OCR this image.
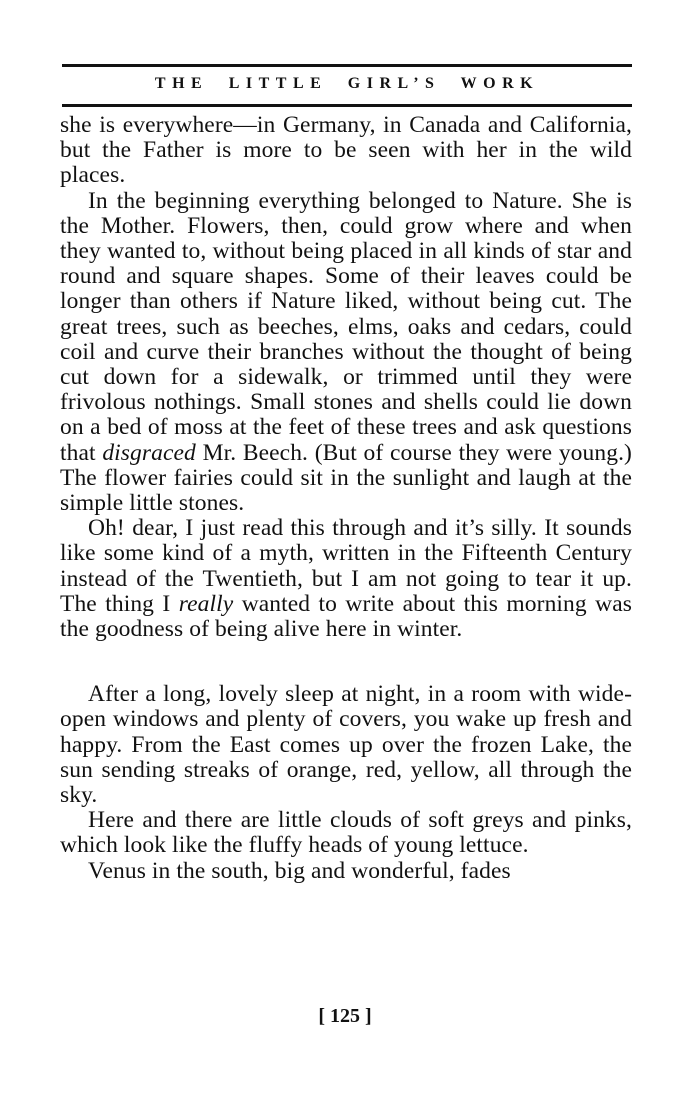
THE LITTLE GIRL’S WORK

she is everywhere—in Germany, in Canada and California, but the Father is more to be seen with her in the wild places.

In the beginning everything belonged to Nature. She is the Mother. Flowers, then, could grow where and when they wanted to, without being placed in all kinds of star and round and square shapes. Some of their leaves could be longer than others if Nature liked, without being cut. The great trees, such as beeches, elms, oaks and cedars, could coil and curve their branches without the thought of being cut down for a sidewalk, or trimmed until they were frivolous nothings. Small stones and shells could lie down on a bed of moss at the feet of these trees and ask questions that disgraced Mr. Beech. (But of course they were young.) The flower fairies could sit in the sunlight and laugh at the simple little stones.

Oh! dear, I just read this through and it’s silly. It sounds like some kind of a myth, written in the Fifteenth Century instead of the Twentieth, but I am not going to tear it up. The thing I really wanted to write about this morning was the goodness of being alive here in winter.

After a long, lovely sleep at night, in a room with wide-open windows and plenty of covers, you wake up fresh and happy. From the East comes up over the frozen Lake, the sun sending streaks of orange, red, yellow, all through the sky.

Here and there are little clouds of soft greys and pinks, which look like the fluffy heads of young lettuce.

Venus in the south, big and wonderful, fades

[ 125 ]
